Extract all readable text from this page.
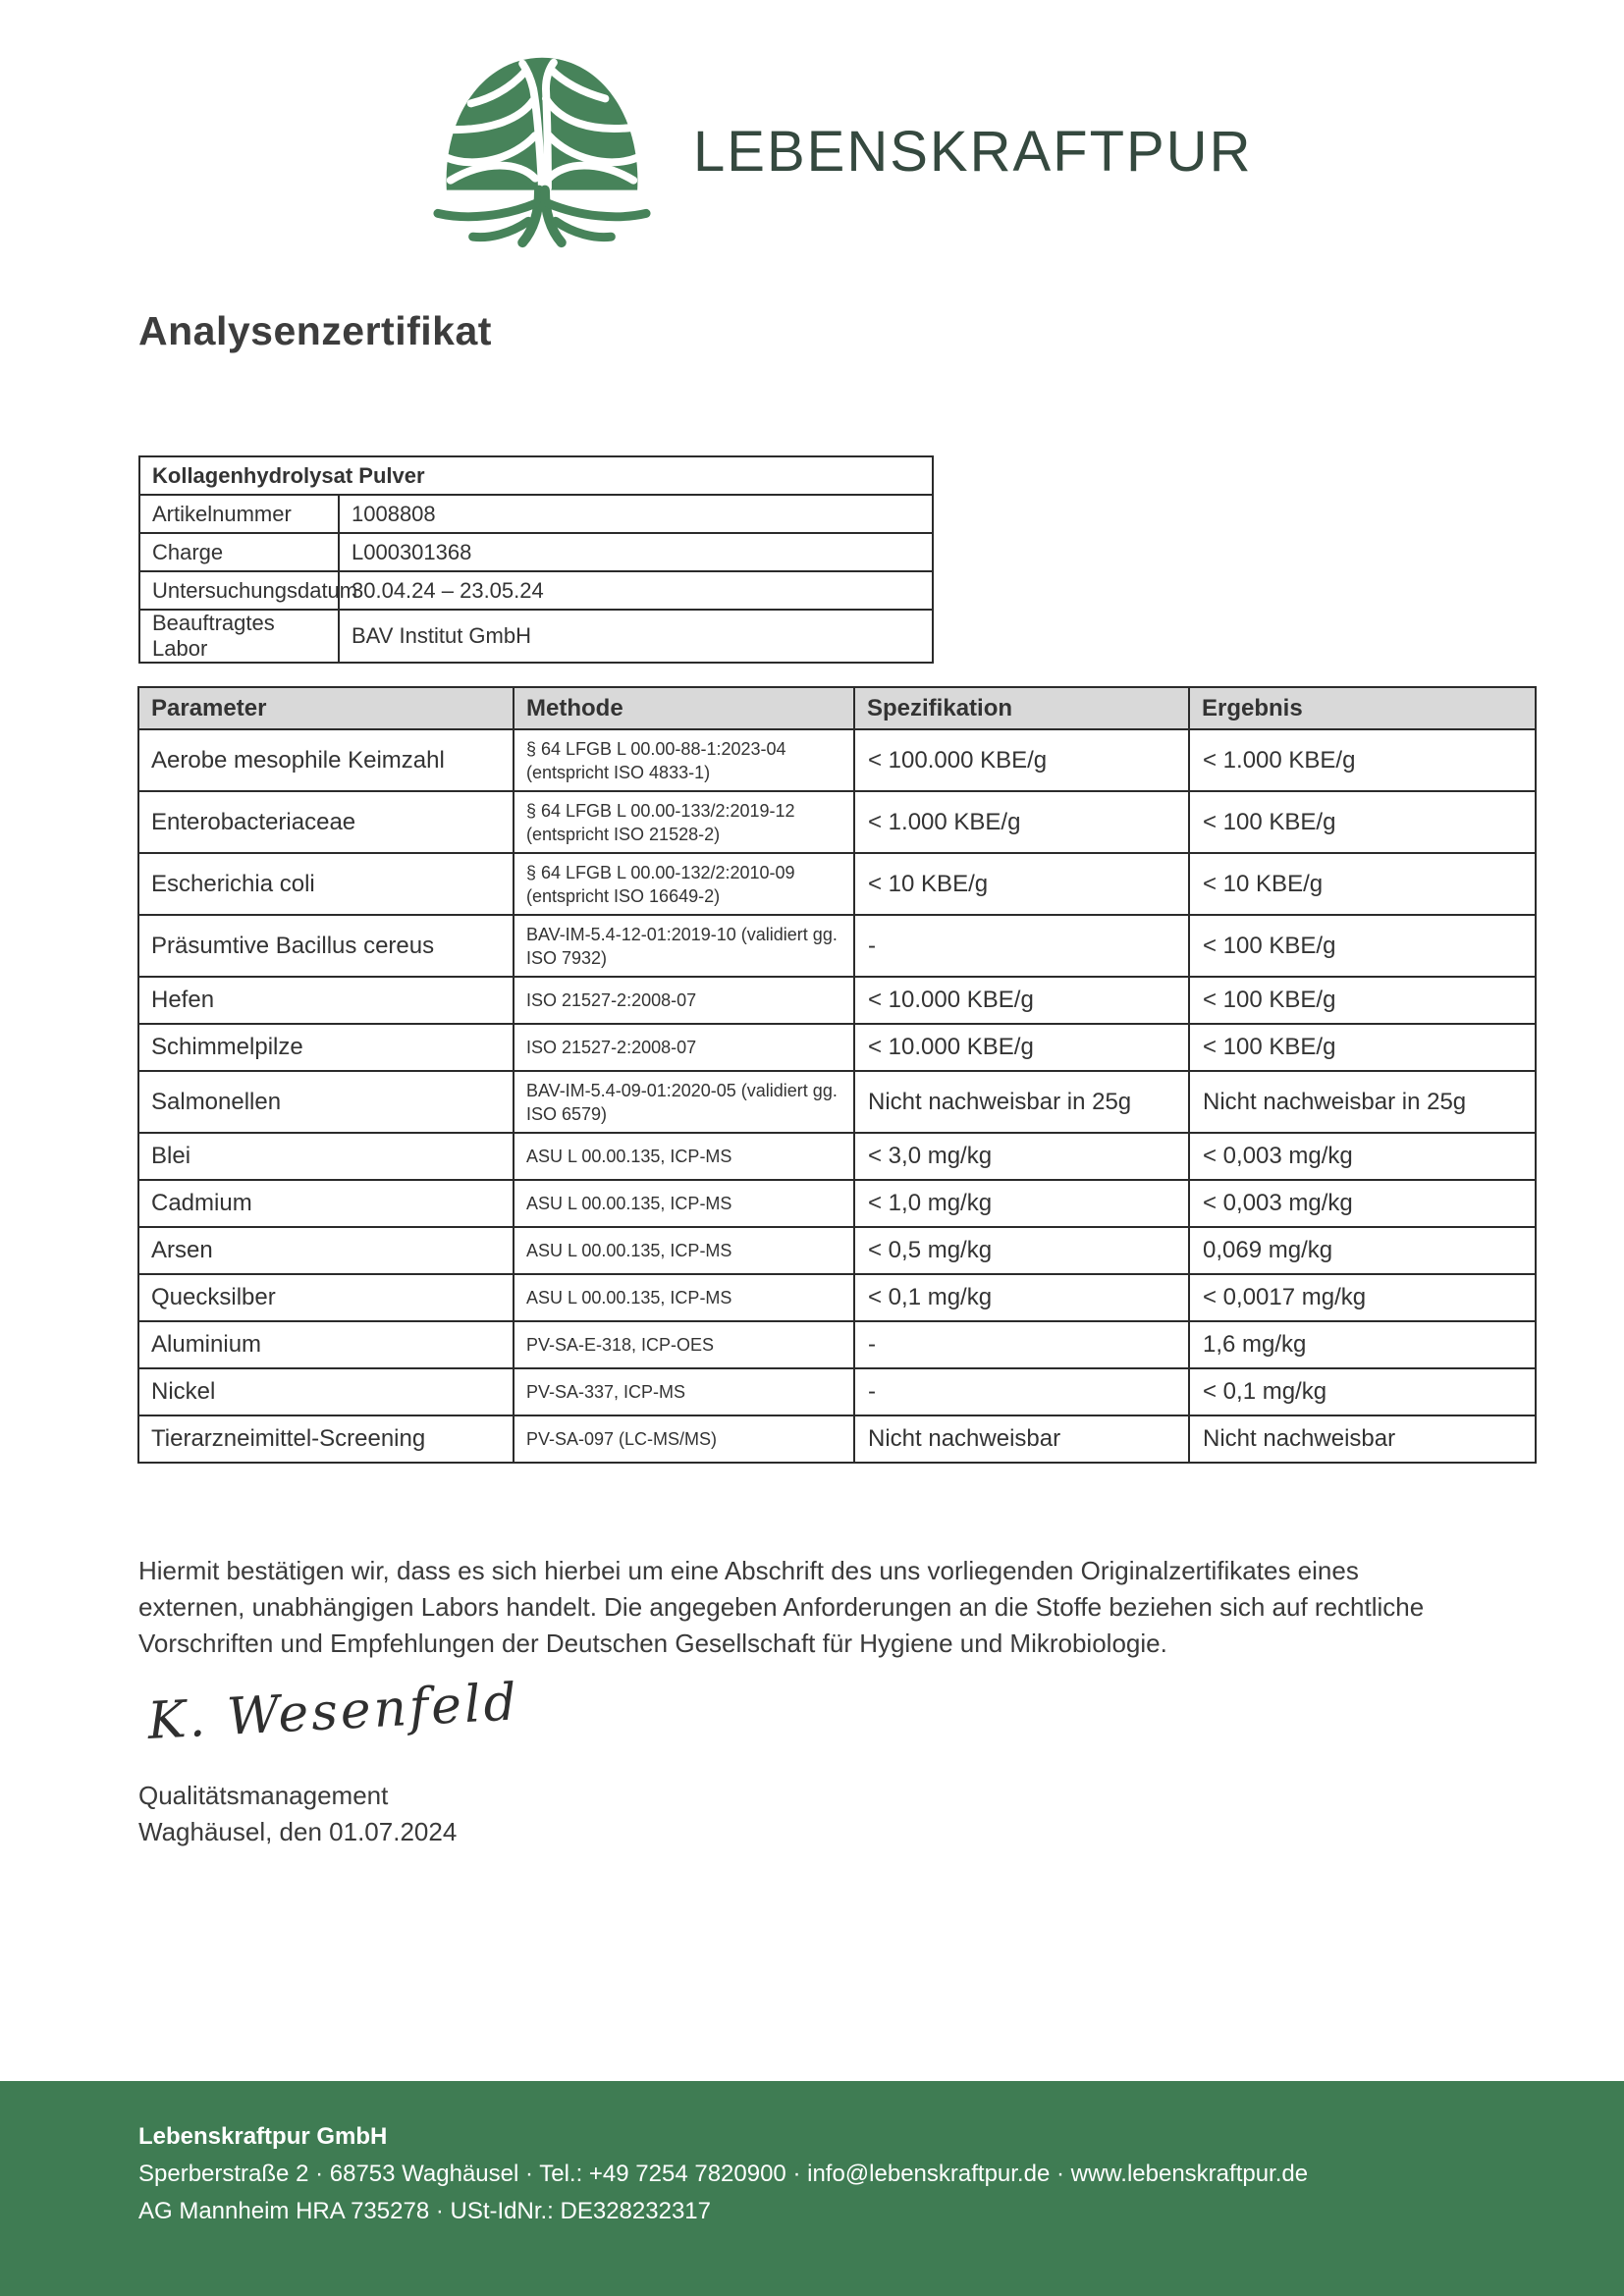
LEBENSKRAFTPUR
Analysenzertifikat
Kollagenhydrolysat Pulver	
Artikelnummer	1008808
Charge	L000301368
Untersuchungsdatum	30.04.24 – 23.05.24
Beauftragtes Labor	BAV Institut GmbH
Parameter	Methode	Spezifikation	Ergebnis
Aerobe mesophile Keimzahl	§ 64 LFGB L 00.00-88-1:2023-04 (entspricht ISO 4833-1)	< 100.000 KBE/g	< 1.000 KBE/g
Enterobacteriaceae	§ 64 LFGB L 00.00-133/2:2019-12 (entspricht ISO 21528-2)	< 1.000 KBE/g	< 100 KBE/g
Escherichia coli	§ 64 LFGB L 00.00-132/2:2010-09 (entspricht ISO 16649-2)	< 10 KBE/g	< 10 KBE/g
Präsumtive Bacillus cereus	BAV-IM-5.4-12-01:2019-10 (validiert gg. ISO 7932)	-	< 100 KBE/g
Hefen	ISO 21527-2:2008-07	< 10.000 KBE/g	< 100 KBE/g
Schimmelpilze	ISO 21527-2:2008-07	< 10.000 KBE/g	< 100 KBE/g
Salmonellen	BAV-IM-5.4-09-01:2020-05 (validiert gg. ISO 6579)	Nicht nachweisbar in 25g	Nicht nachweisbar in 25g
Blei	ASU L 00.00.135, ICP-MS	< 3,0 mg/kg	< 0,003 mg/kg
Cadmium	ASU L 00.00.135, ICP-MS	< 1,0 mg/kg	< 0,003 mg/kg
Arsen	ASU L 00.00.135, ICP-MS	< 0,5 mg/kg	0,069 mg/kg
Quecksilber	ASU L 00.00.135, ICP-MS	< 0,1 mg/kg	< 0,0017 mg/kg
Aluminium	PV-SA-E-318, ICP-OES	-	1,6 mg/kg
Nickel	PV-SA-337, ICP-MS	-	< 0,1 mg/kg
Tierarzneimittel-Screening	PV-SA-097 (LC-MS/MS)	Nicht nachweisbar	Nicht nachweisbar
Hiermit bestätigen wir, dass es sich hierbei um eine Abschrift des uns vorliegenden Originalzertifikates eines
externen, unabhängigen Labors handelt. Die angegeben Anforderungen an die Stoffe beziehen sich auf rechtliche
Vorschriften und Empfehlungen der Deutschen Gesellschaft für Hygiene und Mikrobiologie.
K. Wesenfeld
Qualitätsmanagement
Waghäusel, den 01.07.2024
Lebenskraftpur GmbH
Sperberstraße 2 · 68753 Waghäusel · Tel.: +49 7254 7820900 · info@lebenskraftpur.de · www.lebenskraftpur.de
AG Mannheim HRA 735278 · USt-IdNr.: DE328232317
